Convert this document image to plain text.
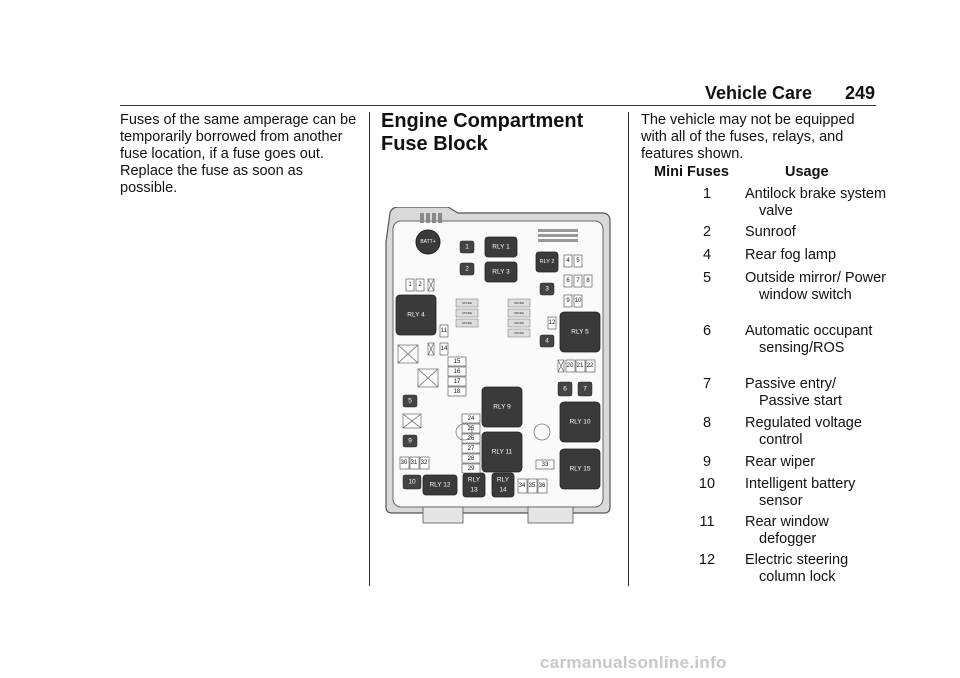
Vehicle Care 249

Fuses of the same amperage can be temporarily borrowed from another fuse location, if a fuse goes out. Replace the fuse as soon as possible.

Engine Compartment

Fuse Block

BATT+
RLY 1
RLY 3
RLY 2
RLY 4
RLY 5
RLY 9
RLY 11
RLY 10
RLY 15
RLY 12
RLY
13
RLY
14
1
2
3
4
5
6	7
9
10
4 5
6 7 8
9 10
1 2
11
14
12
20 21 22
15
16
17
18
24
25
26
27
28
29
30 31 32	33
34 35 36
SPARE
SPARE
SPARE
SPARE
SPARE
SPARE
SPARE

The vehicle may not be equipped with all of the fuses, relays, and features shown.

Mini Fuses	Usage
1	Antilock brake system valve
2	Sunroof
4	Rear fog lamp
5	Outside mirror/ Power window switch
6	Automatic occupant sensing/ROS
7	Passive entry/ Passive start
8	Regulated voltage control
9	Rear wiper
10	Intelligent battery sensor
11	Rear window defogger
12	Electric steering column lock
carmanualsonline.info
